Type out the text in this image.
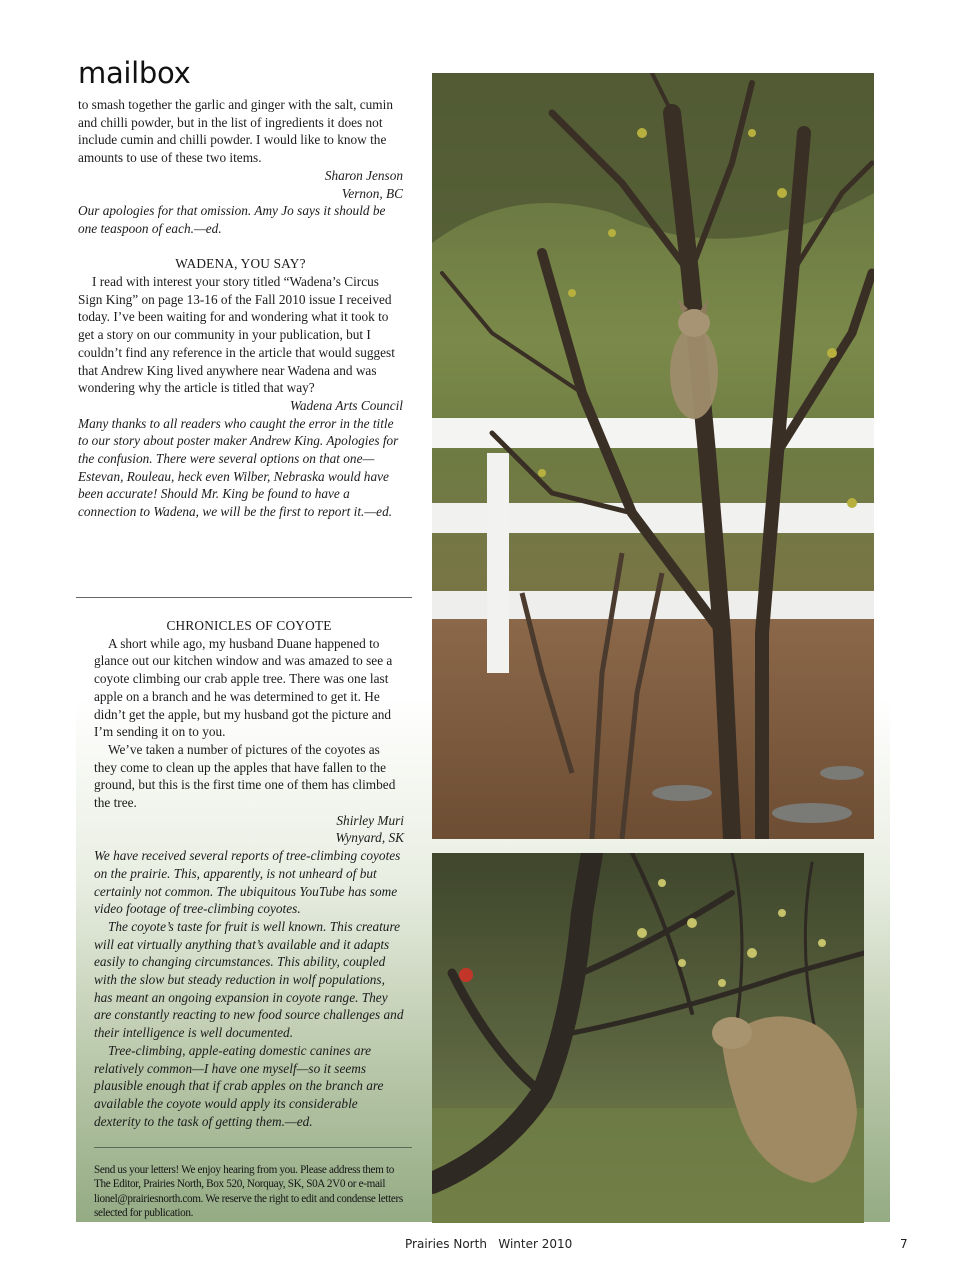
mailbox

to smash together the garlic and ginger with the salt, cumin and chilli powder, but in the list of ingredients it does not include cumin and chilli powder. I would like to know the amounts to use of these two items.

Sharon Jenson

Vernon, BC

Our apologies for that omission. Amy Jo says it should be one teaspoon of each.—ed.

WADENA, YOU SAY?

I read with interest your story titled “Wadena’s Circus Sign King” on page 13-16 of the Fall 2010 issue I received today. I’ve been waiting for and wondering what it took to get a story on our community in your publication, but I couldn’t find any reference in the article that would suggest that Andrew King lived anywhere near Wadena and was wondering why the article is titled that way?

Wadena Arts Council

Many thanks to all readers who caught the error in the title to our story about poster maker Andrew King. Apologies for the confusion. There were several options on that one—Estevan, Rouleau, heck even Wilber, Nebraska would have been accurate! Should Mr. King be found to have a connection to Wadena, we will be the first to report it.—ed.

CHRONICLES OF COYOTE

A short while ago, my husband Duane happened to glance out our kitchen window and was amazed to see a coyote climbing our crab apple tree. There was one last apple on a branch and he was determined to get it. He didn’t get the apple, but my husband got the picture and I’m sending it on to you.

We’ve taken a number of pictures of the coyotes as they come to clean up the apples that have fallen to the ground, but this is the first time one of them has climbed the tree.

Shirley Muri

Wynyard, SK

We have received several reports of tree-climbing coyotes on the prairie. This, apparently, is not unheard of but certainly not common. The ubiquitous YouTube has some video footage of tree-climbing coyotes.

The coyote’s taste for fruit is well known. This creature will eat virtually anything that’s available and it adapts easily to changing circumstances. This ability, coupled with the slow but steady reduction in wolf populations, has meant an ongoing expansion in coyote range. They are constantly reacting to new food source challenges and their intelligence is well documented.

Tree-climbing, apple-eating domestic canines are relatively common—I have one myself—so it seems plausible enough that if crab apples on the branch are available the coyote would apply its considerable dexterity to the task of getting them.—ed.

Send us your letters! We enjoy hearing from you. Please address them to The Editor, Prairies North, Box 520, Norquay, SK, S0A 2V0 or e-mail lionel@prairiesnorth.com. We reserve the right to edit and condense letters selected for publication.

Prairies North   Winter 2010	7
